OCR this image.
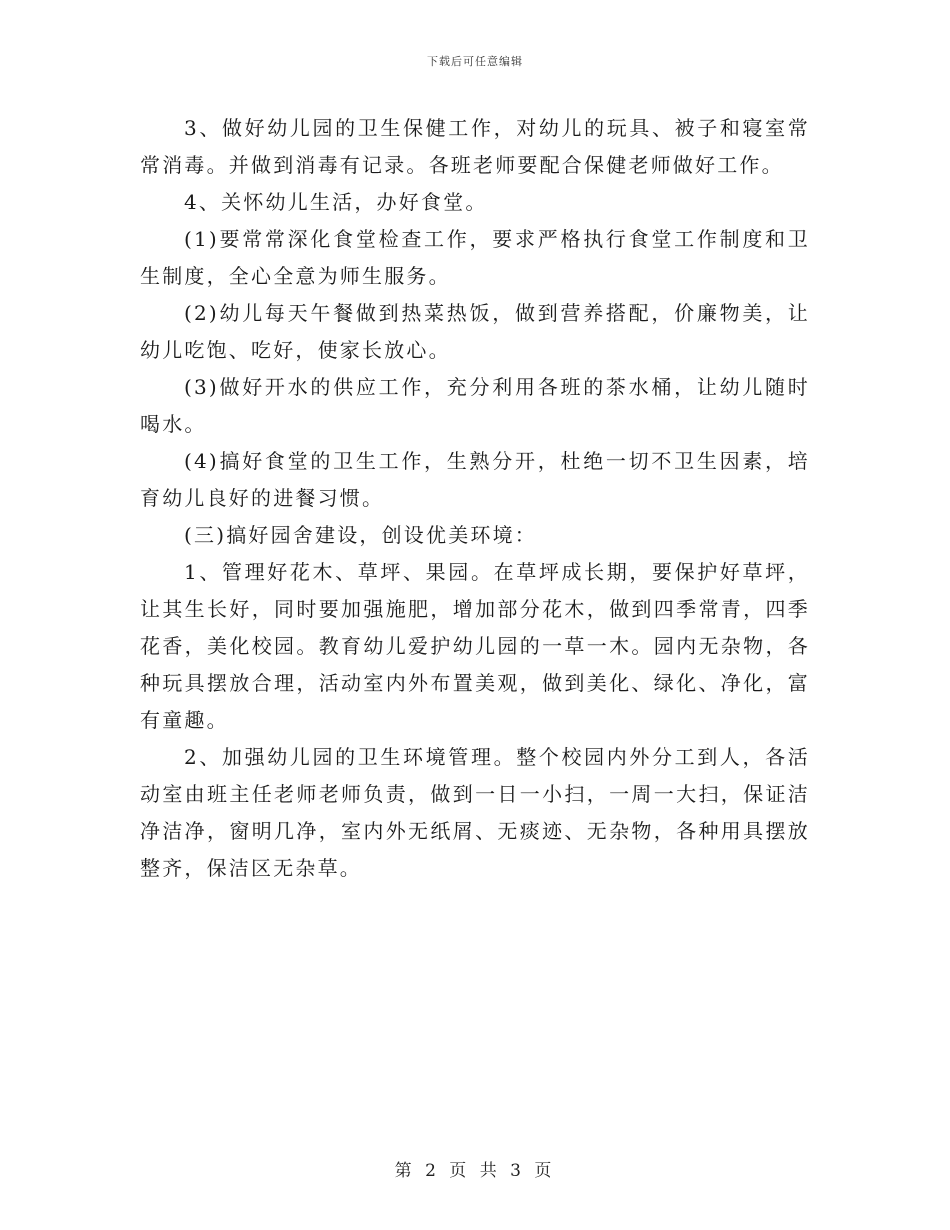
下载后可任意编辑

3、做好幼儿园的卫生保健工作，对幼儿的玩具、被子和寝室常常消毒。并做到消毒有记录。各班老师要配合保健老师做好工作。

4、关怀幼儿生活，办好食堂。

(1)要常常深化食堂检查工作，要求严格执行食堂工作制度和卫生制度，全心全意为师生服务。

(2)幼儿每天午餐做到热菜热饭，做到营养搭配，价廉物美，让幼儿吃饱、吃好，使家长放心。

(3)做好开水的供应工作，充分利用各班的茶水桶，让幼儿随时喝水。

(4)搞好食堂的卫生工作，生熟分开，杜绝一切不卫生因素，培育幼儿良好的进餐习惯。

(三)搞好园舍建设，创设优美环境：

1、管理好花木、草坪、果园。在草坪成长期，要保护好草坪，让其生长好，同时要加强施肥，增加部分花木，做到四季常青，四季花香，美化校园。教育幼儿爱护幼儿园的一草一木。园内无杂物，各种玩具摆放合理，活动室内外布置美观，做到美化、绿化、净化，富有童趣。

2、加强幼儿园的卫生环境管理。整个校园内外分工到人，各活动室由班主任老师老师负责，做到一日一小扫，一周一大扫，保证洁净洁净，窗明几净，室内外无纸屑、无痰迹、无杂物，各种用具摆放整齐，保洁区无杂草。

第 2 页 共 3 页
